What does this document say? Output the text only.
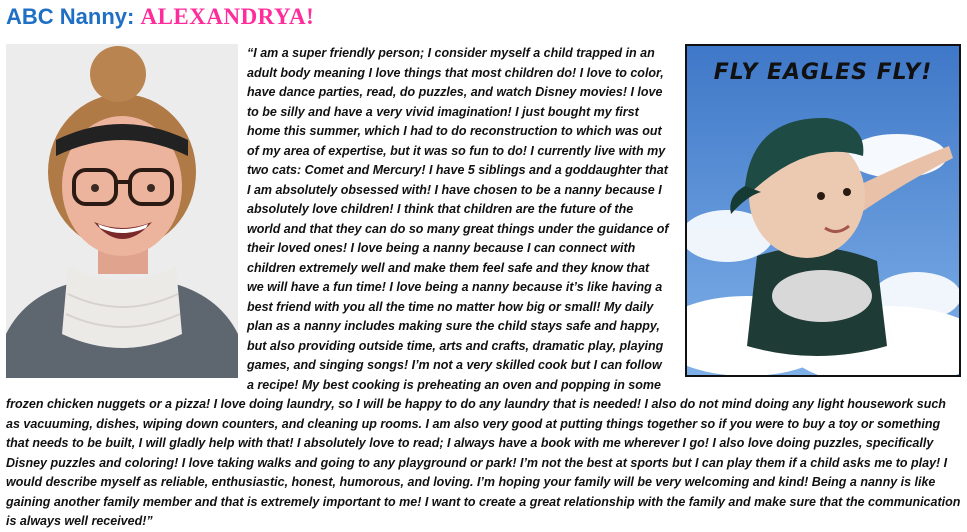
ABC Nanny: ALEXANDRYA!
FLY EAGLES FLY!
“I am a super friendly person; I consider myself a child trapped in an adult body meaning I love things that most children do! I love to color, have dance parties, read, do puzzles, and watch Disney movies! I love to be silly and have a very vivid imagination! I just bought my first home this summer, which I had to do reconstruction to which was out of my area of expertise, but it was so fun to do! I currently live with my two cats: Comet and Mercury! I have 5 siblings and a goddaughter that I am absolutely obsessed with! I have chosen to be a nanny because I absolutely love children! I think that children are the future of the world and that they can do so many great things under the guidance of their loved ones! I love being a nanny because I can connect with children extremely well and make them feel safe and they know that we will have a fun time! I love being a nanny because it’s like having a best friend with you all the time no matter how big or small! My daily plan as a nanny includes making sure the child stays safe and happy, but also providing outside time, arts and crafts, dramatic play, playing games, and singing songs! I’m not a very skilled cook but I can follow a recipe! My best cooking is preheating an oven and popping in some frozen chicken nuggets or a pizza! I love doing laundry, so I will be happy to do any laundry that is needed! I also do not mind doing any light housework such as vacuuming, dishes, wiping down counters, and cleaning up rooms. I am also very good at putting things together so if you were to buy a toy or something that needs to be built, I will gladly help with that! I absolutely love to read; I always have a book with me wherever I go! I also love doing puzzles, specifically Disney puzzles and coloring! I love taking walks and going to any playground or park! I’m not the best at sports but I can play them if a child asks me to play! I would describe myself as reliable, enthusiastic, honest, humorous, and loving. I’m hoping your family will be very welcoming and kind! Being a nanny is like gaining another family member and that is extremely important to me! I want to create a great relationship with the family and make sure that the communication is always well received!”
